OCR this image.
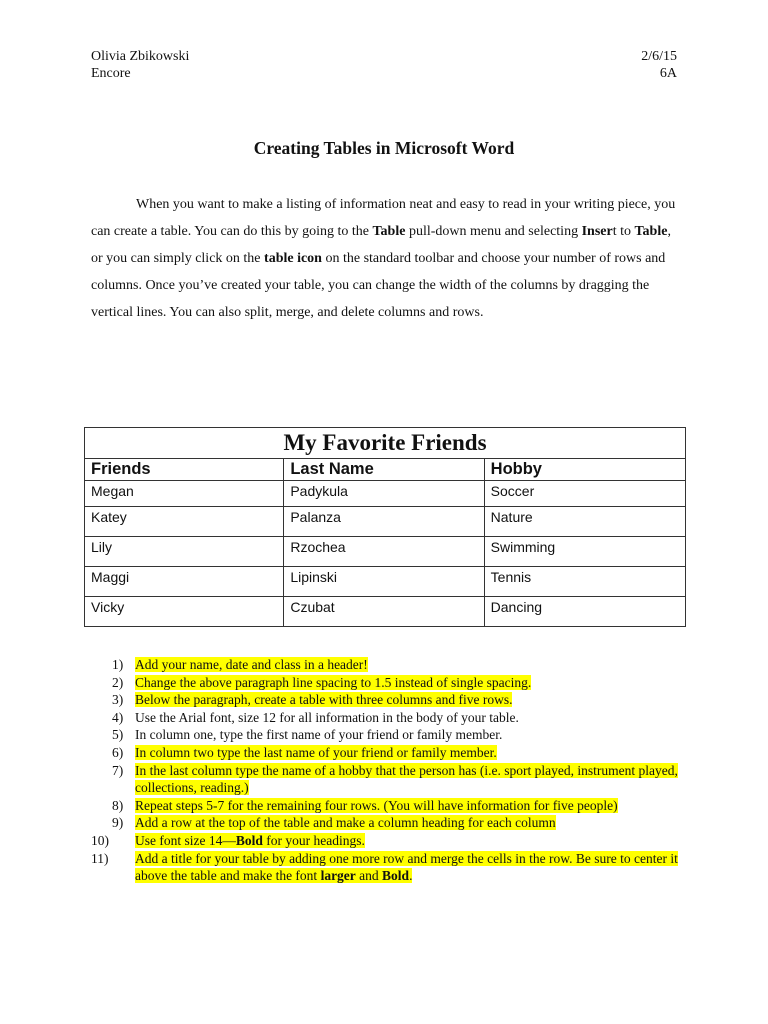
Olivia Zbikowski
Encore
2/6/15
6A
Creating Tables in Microsoft Word

When you want to make a listing of information neat and easy to read in your writing piece, you can create a table. You can do this by going to the Table pull-down menu and selecting Insert to Table, or you can simply click on the table icon on the standard toolbar and choose your number of rows and columns. Once you’ve created your table, you can change the width of the columns by dragging the vertical lines. You can also split, merge, and delete columns and rows.

My Favorite Friends		
Friends	Last Name	Hobby
Megan	Padykula	Soccer
Katey	Palanza	Nature
Lily	Rzochea	Swimming
Maggi	Lipinski	Tennis
Vicky	Czubat	Dancing
1) Add your name, date and class in a header!
2) Change the above paragraph line spacing to 1.5 instead of single spacing.
3) Below the paragraph, create a table with three columns and five rows.
4) Use the Arial font, size 12 for all information in the body of your table.
5) In column one, type the first name of your friend or family member.
6) In column two type the last name of your friend or family member.
7) In the last column type the name of a hobby that the person has (i.e. sport played, instrument played, collections, reading.)
8) Repeat steps 5-7 for the remaining four rows. (You will have information for five people)
9) Add a row at the top of the table and make a column heading for each column
10) Use font size 14—Bold for your headings.
11) Add a title for your table by adding one more row and merge the cells in the row. Be sure to center it above the table and make the font larger and Bold.
